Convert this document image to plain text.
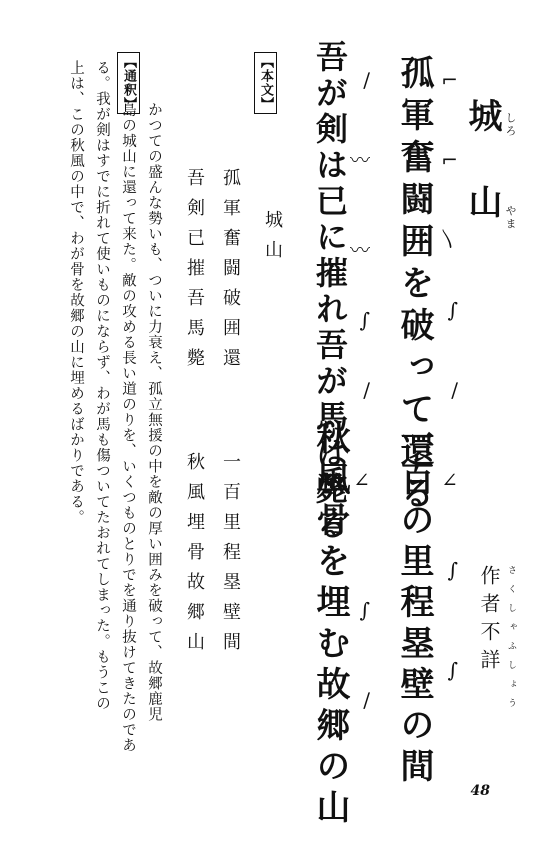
城山 しろ
やま
孤軍奮闘囲を破って還る
吾が剣は已に摧れ吾が馬は斃る
一百の里程塁壁の間
秋風骨を埋む故郷の山	作者不詳 さくしゃふしょう
⌐
⌐
〵
∫
∕
∕
〰
〰
∫
∕
∠
∫
∫
∠
∫
∕
【本文】
【通釈】
城山
孤軍奮闘破囲還
一百里程塁壁間
吾剣已摧吾馬斃
秋風埋骨故郷山
かつての盛んな勢いも、ついに力衰え、孤立無援の中を敵の厚い囲みを破って、故郷鹿児
島の城山に還って来た。敵の攻める長い道のりを、いくつものとりでを通り抜けてきたのであ
る。我が剣はすでに折れて使いものにならず、わが馬も傷ついてたおれてしまった。もうこの
上は、この秋風の中で、わが骨を故郷の山に埋めるばかりである。
48
